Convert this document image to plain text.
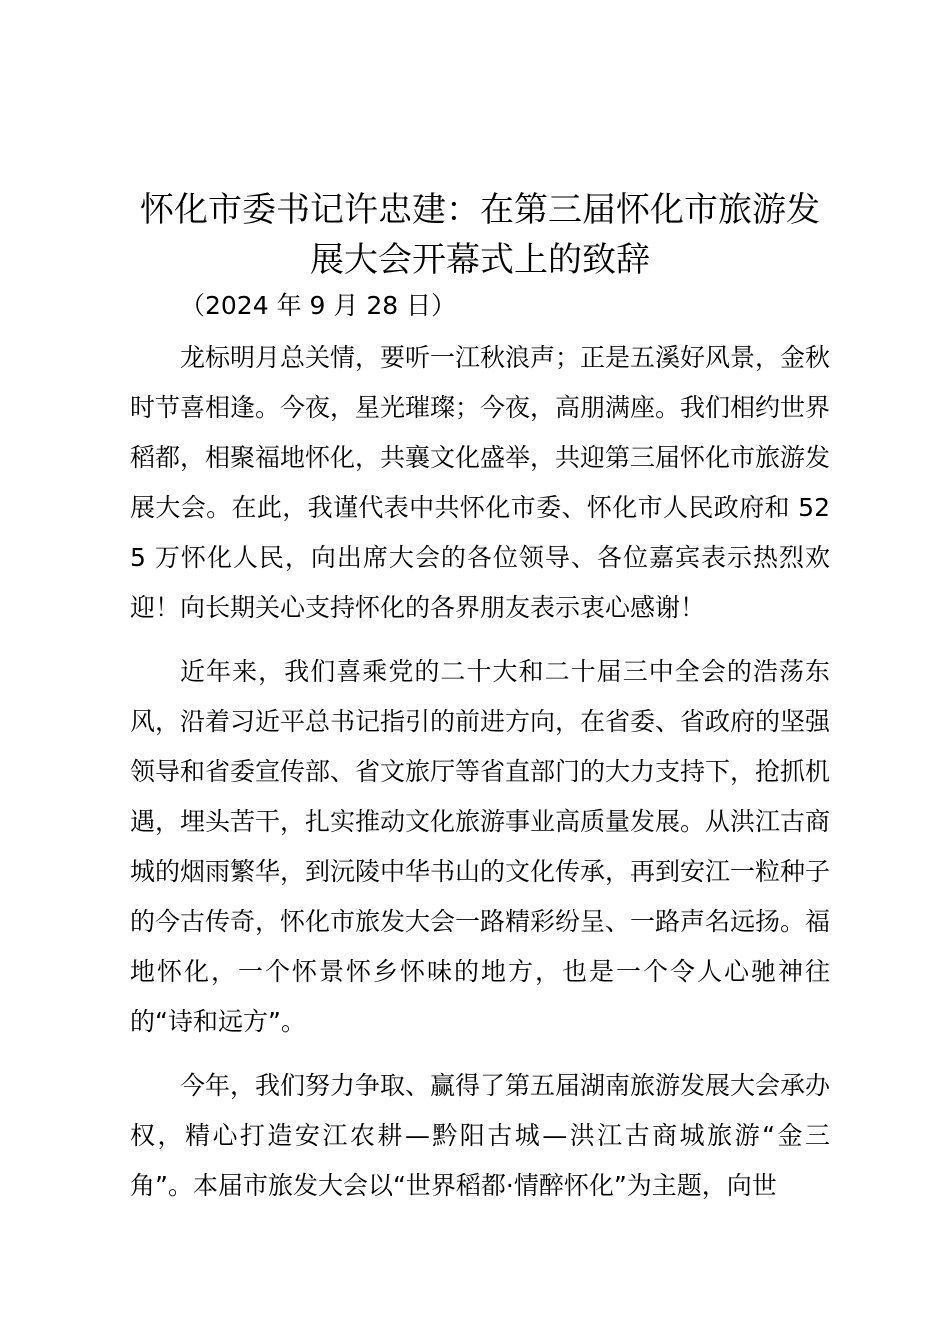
怀化市委书记许忠建：在第三届怀化市旅游发展大会开幕式上的致辞
（2024 年 9 月 28 日）

龙标明月总关情，要听一江秋浪声；正是五溪好风景，金秋时节喜相逢。今夜，星光璀璨；今夜，高朋满座。我们相约世界稻都，相聚福地怀化，共襄文化盛举，共迎第三届怀化市旅游发展大会。在此，我谨代表中共怀化市委、怀化市人民政府和 525 万怀化人民，向出席大会的各位领导、各位嘉宾表示热烈欢迎！向长期关心支持怀化的各界朋友表示衷心感谢！

近年来，我们喜乘党的二十大和二十届三中全会的浩荡东风，沿着习近平总书记指引的前进方向，在省委、省政府的坚强领导和省委宣传部、省文旅厅等省直部门的大力支持下，抢抓机遇，埋头苦干，扎实推动文化旅游事业高质量发展。从洪江古商城的烟雨繁华，到沅陵中华书山的文化传承，再到安江一粒种子的今古传奇，怀化市旅发大会一路精彩纷呈、一路声名远扬。福地怀化，一个怀景怀乡怀味的地方，也是一个令人心驰神往的“诗和远方”。

今年，我们努力争取、赢得了第五届湖南旅游发展大会承办权，精心打造安江农耕—黔阳古城—洪江古商城旅游“金三角”。本届市旅发大会以“世界稻都·情醉怀化”为主题，向世
